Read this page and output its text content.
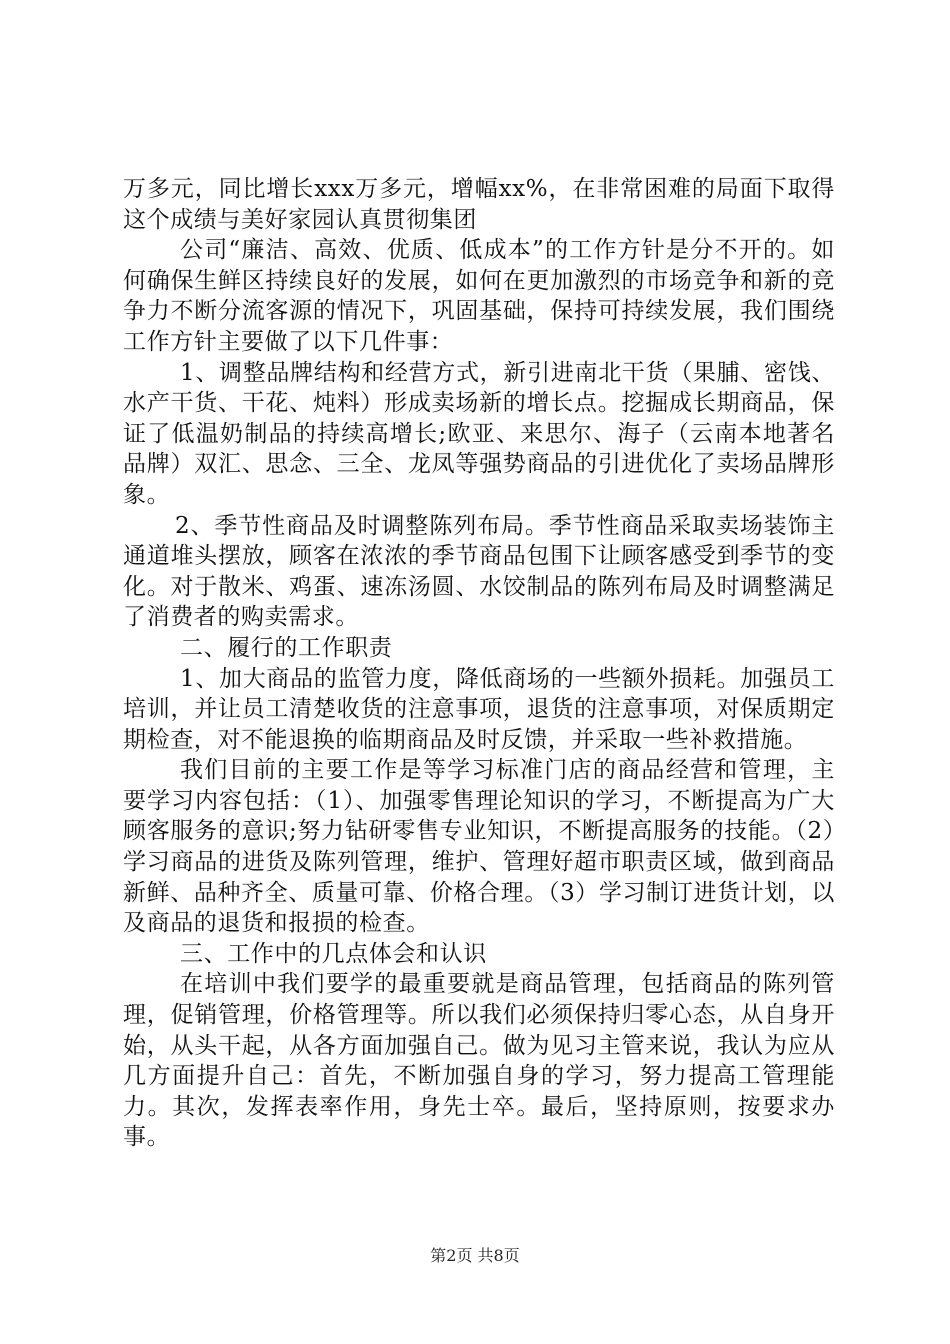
万多元，同比增长xxx万多元，增幅xx%，在非常困难的局面下取得这个成绩与美好家园认真贯彻集团

公司“廉洁、高效、优质、低成本”的工作方针是分不开的。如何确保生鲜区持续良好的发展，如何在更加激烈的市场竞争和新的竞争力不断分流客源的情况下，巩固基础，保持可持续发展，我们围绕工作方针主要做了以下几件事：

1、调整品牌结构和经营方式，新引进南北干货（果脯、密饯、水产干货、干花、炖料）形成卖场新的增长点。挖掘成长期商品，保证了低温奶制品的持续高增长;欧亚、来思尔、海子（云南本地著名品牌）双汇、思念、三全、龙凤等强势商品的引进优化了卖场品牌形象。

2、季节性商品及时调整陈列布局。季节性商品采取卖场装饰主通道堆头摆放，顾客在浓浓的季节商品包围下让顾客感受到季节的变化。对于散米、鸡蛋、速冻汤圆、水饺制品的陈列布局及时调整满足了消费者的购卖需求。

二、履行的工作职责

1、加大商品的监管力度，降低商场的一些额外损耗。加强员工培训，并让员工清楚收货的注意事项，退货的注意事项，对保质期定期检查，对不能退换的临期商品及时反馈，并采取一些补救措施。

我们目前的主要工作是等学习标准门店的商品经营和管理，主要学习内容包括：（1）、加强零售理论知识的学习，不断提高为广大顾客服务的意识;努力钻研零售专业知识，不断提高服务的技能。（2）学习商品的进货及陈列管理，维护、管理好超市职责区域，做到商品新鲜、品种齐全、质量可靠、价格合理。（3）学习制订进货计划，以及商品的退货和报损的检查。

三、工作中的几点体会和认识

在培训中我们要学的最重要就是商品管理，包括商品的陈列管理，促销管理，价格管理等。所以我们必须保持归零心态，从自身开始，从头干起，从各方面加强自己。做为见习主管来说，我认为应从几方面提升自己：首先，不断加强自身的学习，努力提高工管理能力。其次，发挥表率作用，身先士卒。最后，坚持原则，按要求办事。

第2页 共8页
